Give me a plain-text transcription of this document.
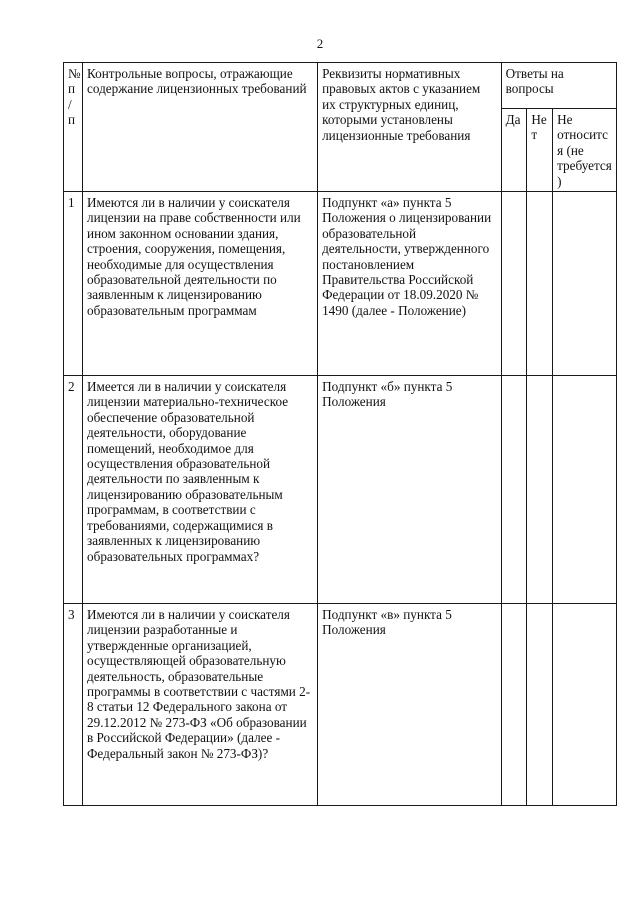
2
№ п/п	Контрольные вопросы, отражающие содержание лицензионных требований	Реквизиты нормативных правовых актов с указанием их структурных единиц, которыми установлены лицензионные требования	Ответы на вопросы		
			Да	Нет	Не относится (не требуется)
1	Имеются ли в наличии у соискателя лицензии на праве собственности или ином законном основании здания, строения, сооружения, помещения, необходимые для осуществления образовательной деятельности по заявленным к лицензированию образовательным программам	Подпункт «а» пункта 5 Положения о лицензировании образовательной деятельности, утвержденного постановлением Правительства Российской Федерации от 18.09.2020 № 1490 (далее - Положение)			
2	Имеется ли в наличии у соискателя лицензии материально-техническое обеспечение образовательной деятельности, оборудование помещений, необходимое для осуществления образовательной деятельности по заявленным к лицензированию образовательным программам, в соответствии с требованиями, содержащимися в заявленных к лицензированию образовательных программах?	Подпункт «б» пункта 5 Положения			
3	Имеются ли в наличии у соискателя лицензии разработанные и утвержденные организацией, осуществляющей образовательную деятельность, образовательные программы в соответствии с частями 2-8 статьи 12 Федерального закона от 29.12.2012 № 273-ФЗ «Об образовании в Российской Федерации» (далее - Федеральный закон № 273-ФЗ)?	Подпункт «в» пункта 5 Положения			
